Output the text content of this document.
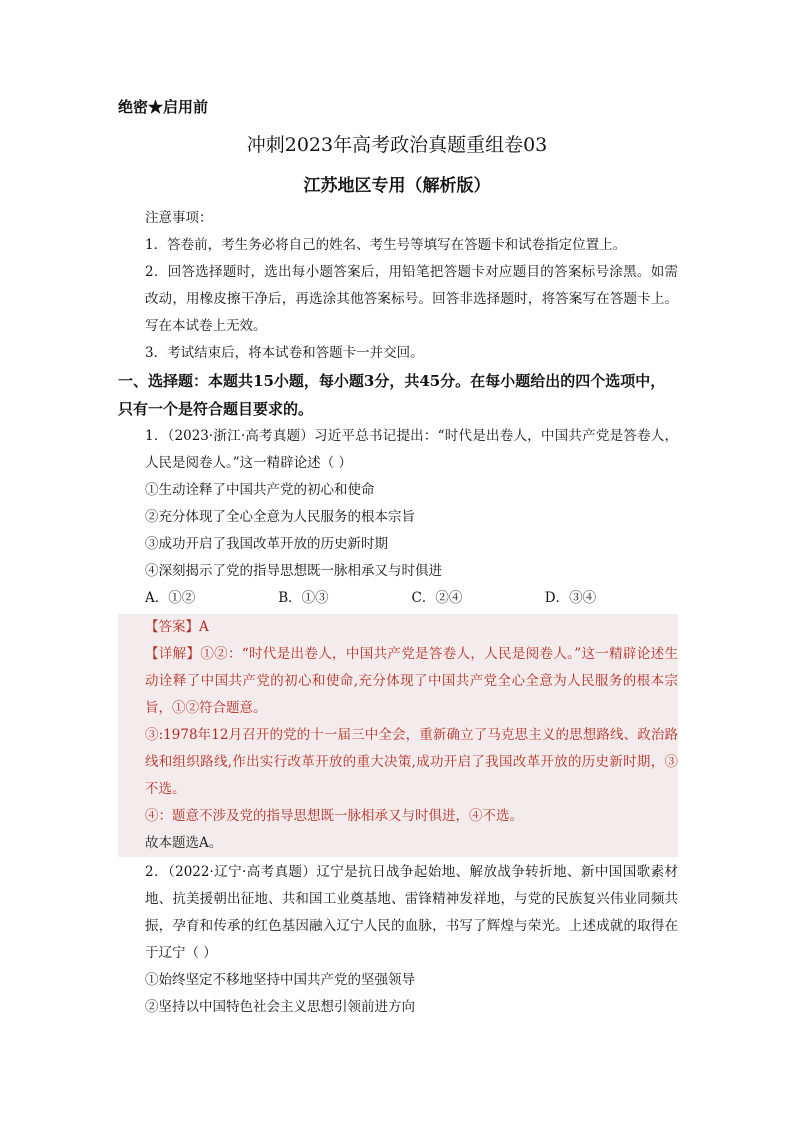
绝密★启用前
冲刺2023年高考政治真题重组卷03
江苏地区专用（解析版）
注意事项：
1．答卷前，考生务必将自己的姓名、考生号等填写在答题卡和试卷指定位置上。
2．回答选择题时，选出每小题答案后，用铅笔把答题卡对应题目的答案标号涂黑。如需改动，用橡皮擦干净后，再选涂其他答案标号。回答非选择题时，将答案写在答题卡上。写在本试卷上无效。
3．考试结束后，将本试卷和答题卡一并交回。
一、选择题：本题共15小题，每小题3分，共45分。在每小题给出的四个选项中，只有一个是符合题目要求的。
1．（2023·浙江·高考真题）习近平总书记提出：“时代是出卷人，中国共产党是答卷人，人民是阅卷人。”这一精辟论述（ ）
①生动诠释了中国共产党的初心和使命
②充分体现了全心全意为人民服务的根本宗旨
③成功开启了我国改革开放的历史新时期
④深刻揭示了党的指导思想既一脉相承又与时俱进
A．①②	B．①③	C．②④	D．③④
【答案】A
【详解】①②：“时代是出卷人，中国共产党是答卷人，人民是阅卷人。”这一精辟论述生动诠释了中国共产党的初心和使命,充分体现了中国共产党全心全意为人民服务的根本宗旨，①②符合题意。
③:1978年12月召开的党的十一届三中全会，重新确立了马克思主义的思想路线、政治路线和组织路线,作出实行改革开放的重大决策,成功开启了我国改革开放的历史新时期，③不选。
④：题意不涉及党的指导思想既一脉相承又与时俱进，④不选。
故本题选A。
2．（2022·辽宁·高考真题）辽宁是抗日战争起始地、解放战争转折地、新中国国歌素材地、抗美援朝出征地、共和国工业奠基地、雷锋精神发祥地，与党的民族复兴伟业同频共振，孕育和传承的红色基因融入辽宁人民的血脉，书写了辉煌与荣光。上述成就的取得在于辽宁（ ）
①始终坚定不移地坚持中国共产党的坚强领导
②坚持以中国特色社会主义思想引领前进方向
